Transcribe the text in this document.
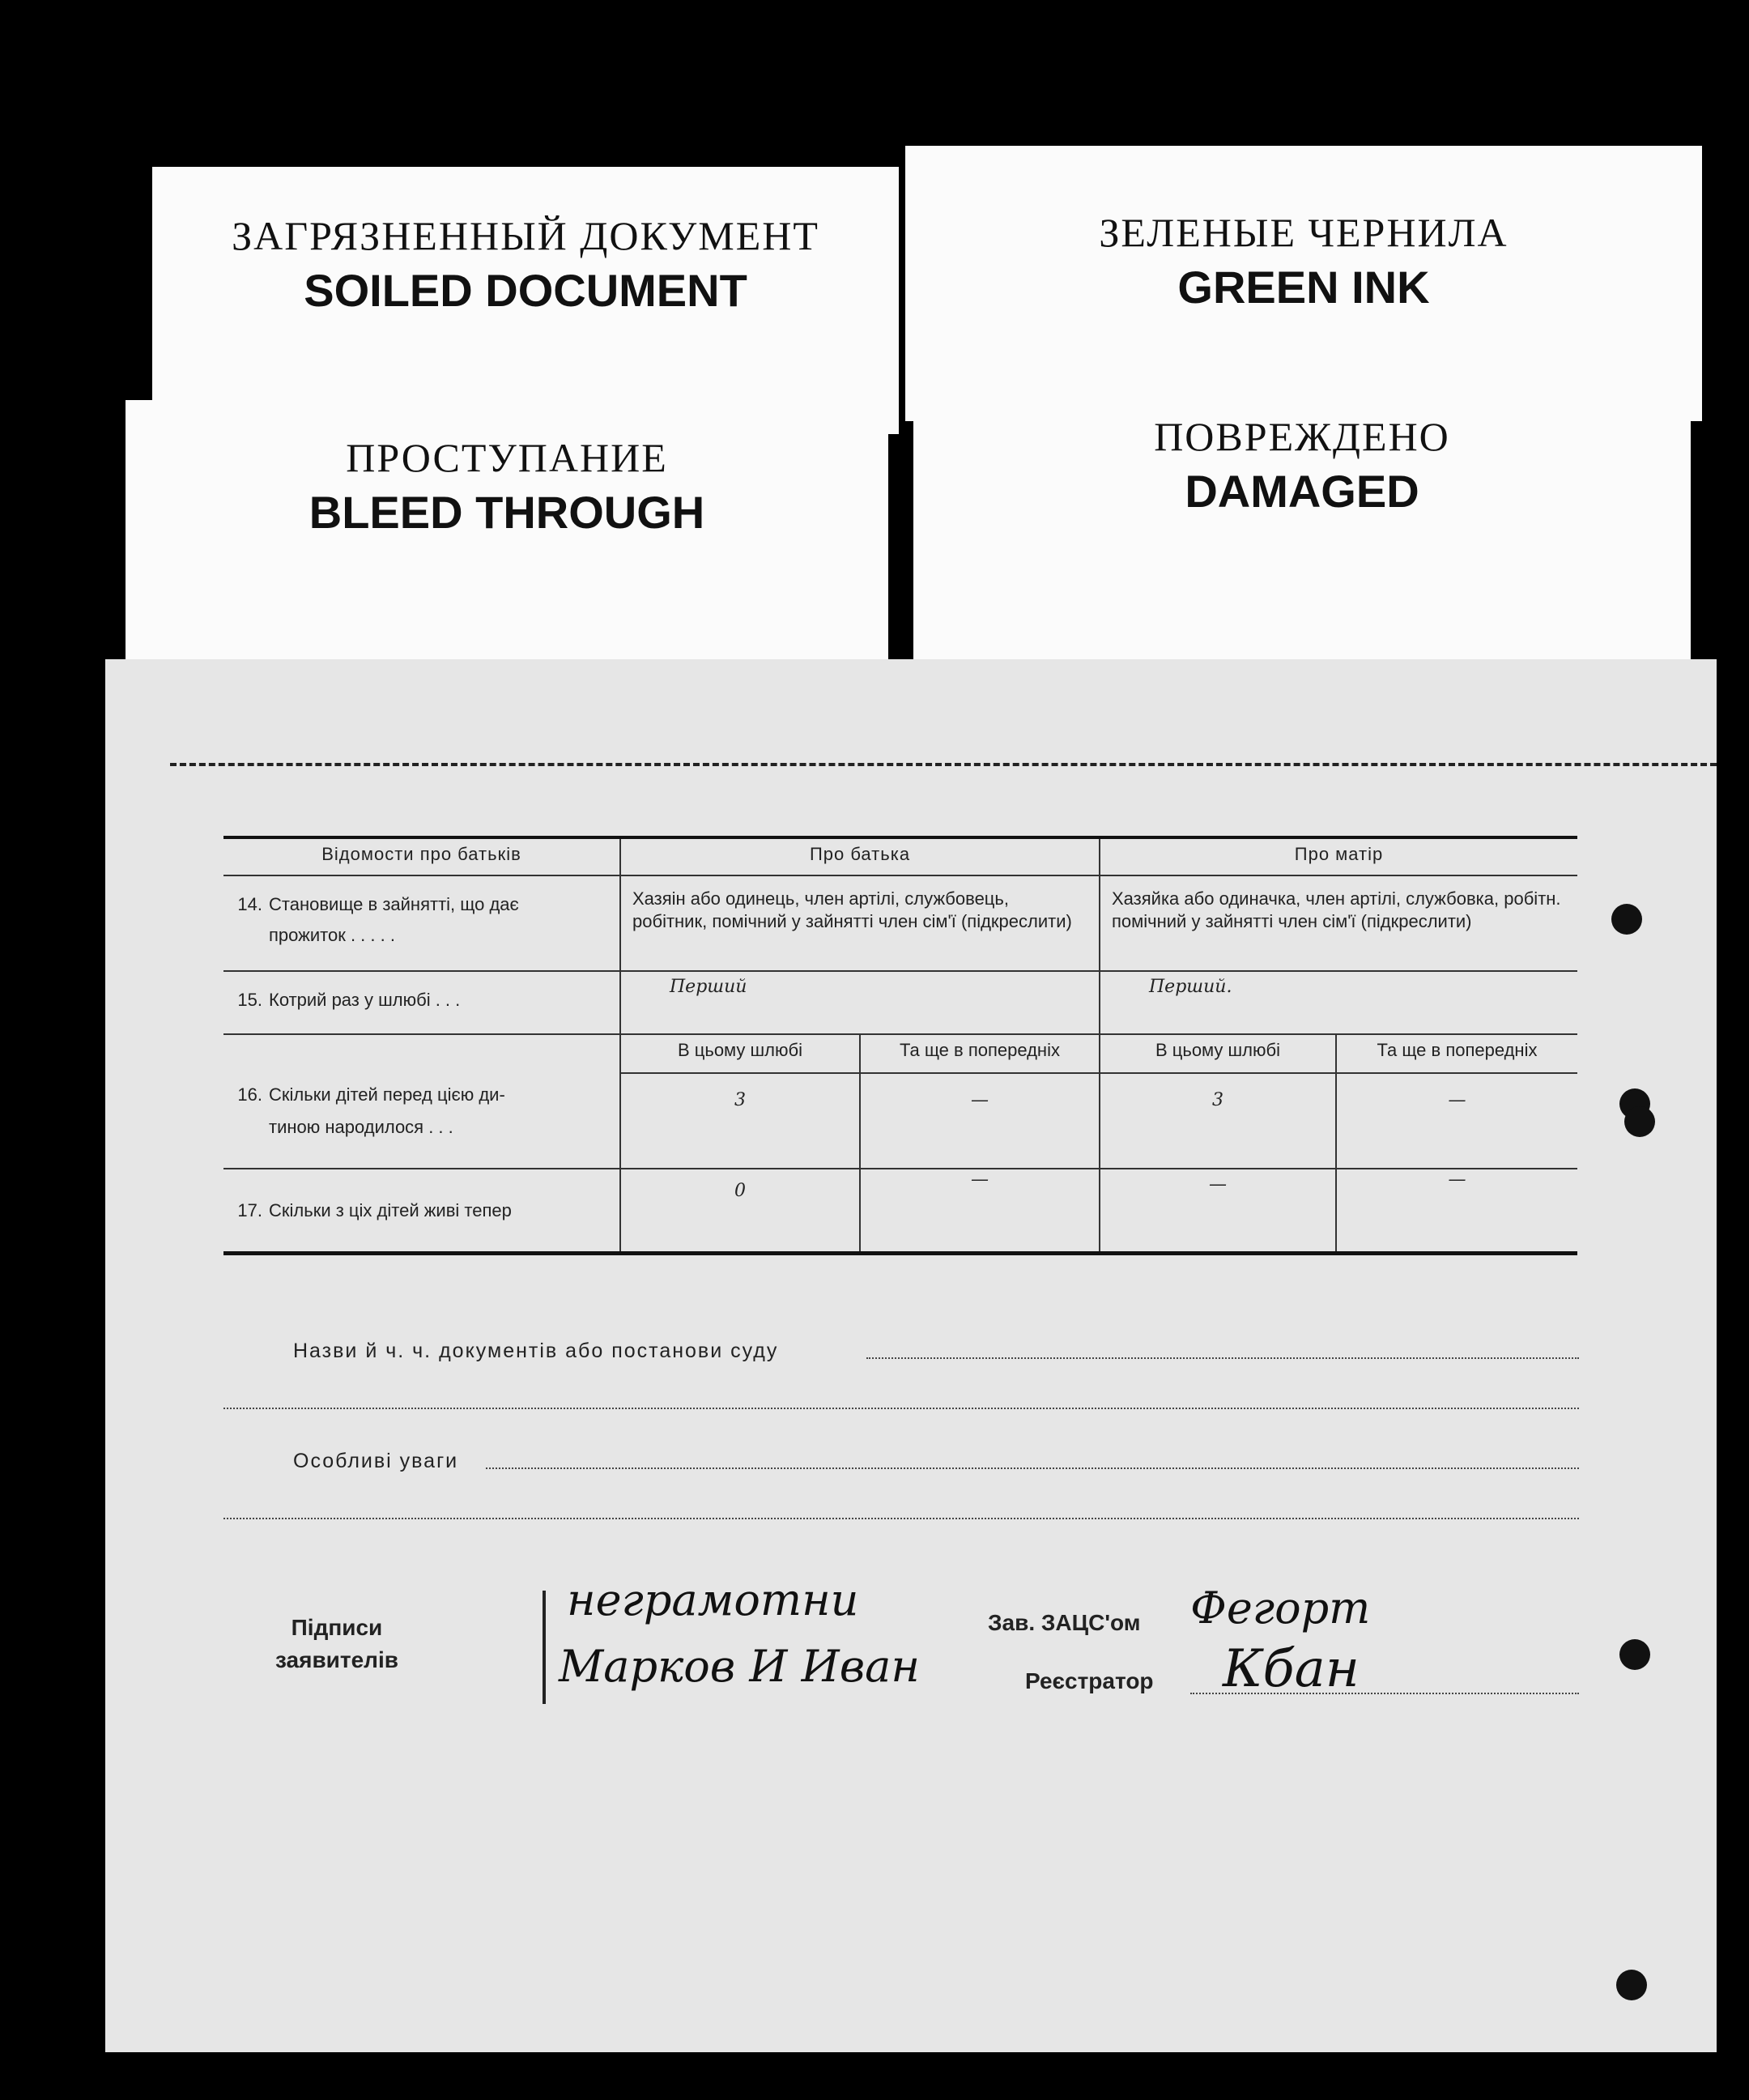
ЗАГРЯЗНЕННЫЙ ДОКУМЕНТ
SOILED DOCUMENT
ЗЕЛЕНЫЕ ЧЕРНИЛА
GREEN INK
ПРОСТУПАНИЕ
BLEED THROUGH
ПОВРЕЖДЕНО
DAMAGED
Відомости про батьків	Про батька		Про матір	
14. Становище в зайнятті, що дає
прожиток . . . . .	Хазяін або одинець, член артілі, службовець, робітник, помічний у зайнятті член сім'ї (підкреслити)		Хазяйка або одиначка, член артілі, службовка, робітн. помічний у зайнятті член сім'ї (підкреслити)	
15. Котрий раз у шлюбі . . .	Перший		Перший.	
16. Скільки дітей перед цією ди-
тиною народилося . . .	В цьому шлюбі	Та ще в попередніх	В цьому шлюбі	Та ще в попередніх
	3	—	3	—
17. Скільки з ціх дітей живі тепер	0	—	—	—
Назви й ч. ч. документів або постанови суду
Особливі уваги
Підписи
заявителів
неграмотни
Марков И Иван
Зав. ЗАЦС'ом Фегорт
Реєстратор Кбан
